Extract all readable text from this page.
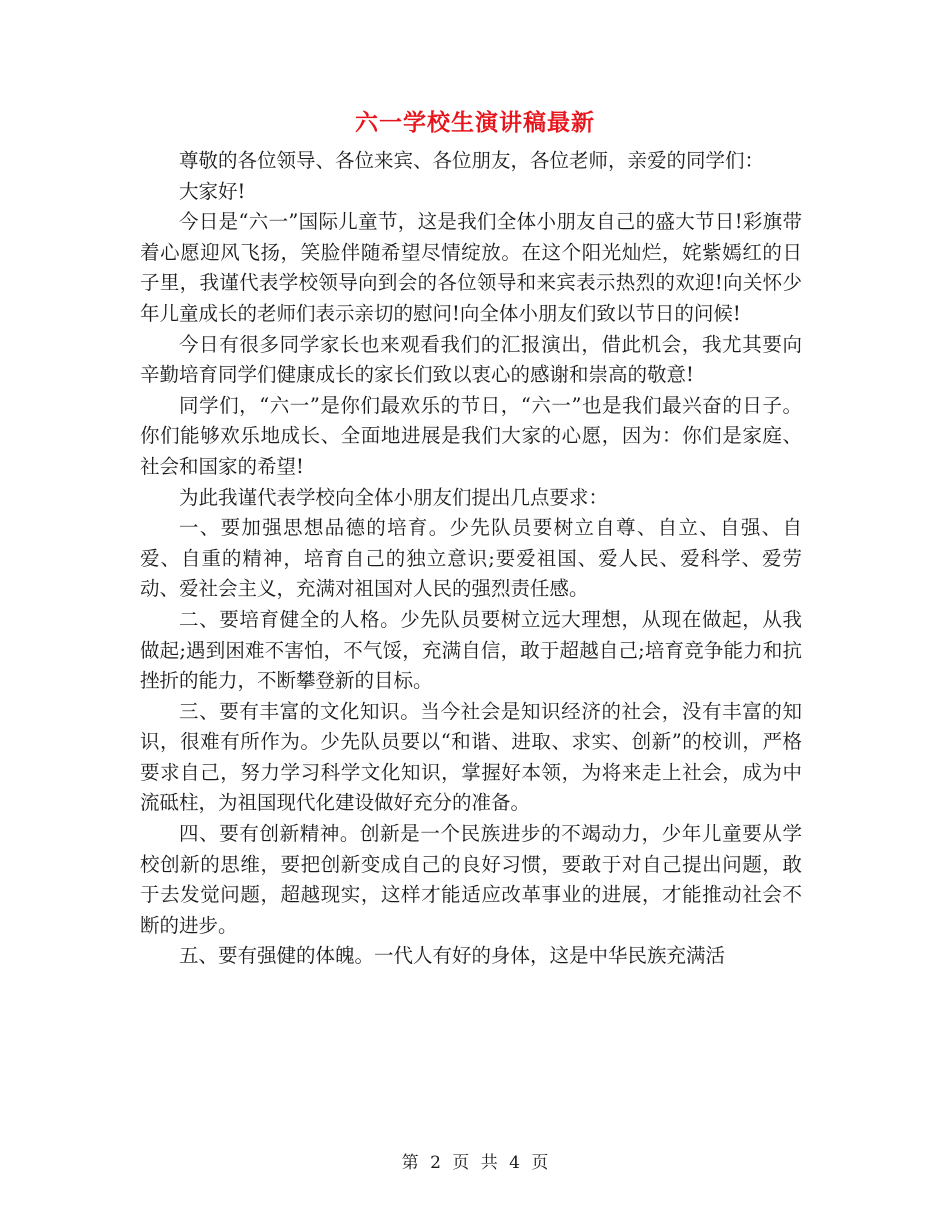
六一学校生演讲稿最新

尊敬的各位领导、各位来宾、各位朋友，各位老师，亲爱的同学们：

大家好!

今日是“六一”国际儿童节，这是我们全体小朋友自己的盛大节日!彩旗带着心愿迎风飞扬，笑脸伴随希望尽情绽放。在这个阳光灿烂，姹紫嫣红的日子里，我谨代表学校领导向到会的各位领导和来宾表示热烈的欢迎!向关怀少年儿童成长的老师们表示亲切的慰问!向全体小朋友们致以节日的问候!

今日有很多同学家长也来观看我们的汇报演出，借此机会，我尤其要向辛勤培育同学们健康成长的家长们致以衷心的感谢和崇高的敬意!

同学们，“六一”是你们最欢乐的节日，“六一”也是我们最兴奋的日子。你们能够欢乐地成长、全面地进展是我们大家的心愿，因为：你们是家庭、社会和国家的希望!

为此我谨代表学校向全体小朋友们提出几点要求：

一、要加强思想品德的培育。少先队员要树立自尊、自立、自强、自爱、自重的精神，培育自己的独立意识;要爱祖国、爱人民、爱科学、爱劳动、爱社会主义，充满对祖国对人民的强烈责任感。

二、要培育健全的人格。少先队员要树立远大理想，从现在做起，从我做起;遇到困难不害怕，不气馁，充满自信，敢于超越自己;培育竞争能力和抗挫折的能力，不断攀登新的目标。

三、要有丰富的文化知识。当今社会是知识经济的社会，没有丰富的知识，很难有所作为。少先队员要以“和谐、进取、求实、创新”的校训，严格要求自己，努力学习科学文化知识，掌握好本领，为将来走上社会，成为中流砥柱，为祖国现代化建设做好充分的准备。

四、要有创新精神。创新是一个民族进步的不竭动力，少年儿童要从学校创新的思维，要把创新变成自己的良好习惯，要敢于对自己提出问题，敢于去发觉问题，超越现实，这样才能适应改革事业的进展，才能推动社会不断的进步。

五、要有强健的体魄。一代人有好的身体，这是中华民族充满活

第 2 页 共 4 页
